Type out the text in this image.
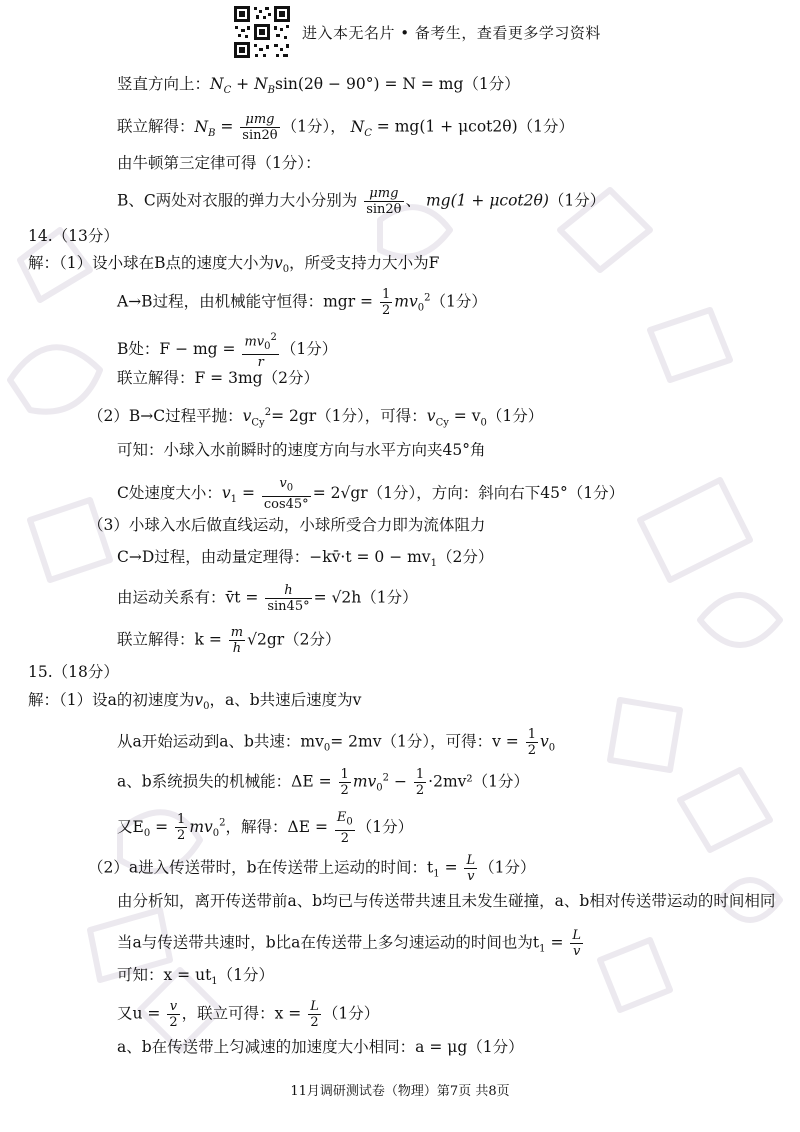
进入本无名片 • 备考生，查看更多学习资料
竖直方向上：$N_C + N_B\sin(2\theta - 90^\circ) = N = mg(1$分）
联立解得：$N_B = \frac{\text{μmg}}{\sin 2\theta} (1$分）， $N_C = mg(1 + \mu\cot 2\theta)(1$分）
由牛顿第三定律可得（1分）：
B、C两处对衣服的弹力大小分别为 $\frac{\text{μmg}}{\sin 2\theta}$ 、 mg(1 + μcot2θ)（1分）
14.（13分）
解：（1）设小球在B点的速度大小为$v_0$，所受支持力大小为F
A→B过程，由机械能守恒得：mgr = $\frac{1}{2} mv_0^2(1$分）
B处：F − mg = $\frac{mv_0^2}{r} (1$分）
联立解得：F = 3mg（2分）
（2）B→C过程平抛：$v_{Cy}^2= 2gr(1$分），可得：$v_{Cy} = v_0(1$分）
可知：小球入水前瞬时的速度方向与水平方向夹45°角
C处速度大小：$v_1 = \frac{v_0}{\cos 45^\circ} = 2√gr(1$分），方向：斜向右下45°（1分）
（3）小球入水后做直线运动，小球所受合力即为流体阻力
C→D过程，由动量定理得：−kv̄·t = $0 - mv_1(2$分）
由运动关系有：v̄t = $\frac{h}{\sin 45^\circ} = √2h(1$分）
联立解得：$k = \frac{m}{h} √2gr(2$分）
15.（18分）
解：（1）设a的初速度为$v_0$，a、b共速后速度为v
从a开始运动到a、b共速：$mv_0= 2mv(1$分），可得：$v = \frac{1}{2} v_0$
a、b系统损失的机械能：$\Delta E = \frac{1}{2} mv_0^2 - \frac{1}{2} \cdot 2mv^2(1$分）
又$E_0 = \frac{1}{2} mv_0^2$，解得：$\Delta E = \frac{E_0}{2} (1$分）
（2）a进入传送带时，b在传送带上运动的时间：$t_1 = \frac{L}{v} (1$分）
由分析知，离开传送带前a、b均已与传送带共速且未发生碰撞，a、b相对传送带运动的时间相同
当a与传送带共速时，b比a在传送带上多匀速运动的时间也为$t_1 = \frac{L}{v}$
可知：$x = ut_1(1$分）
又$u = \frac{v}{2}$ ，联立可得：$x = \frac{L}{2} (1$分）
a、b在传送带上匀减速的加速度大小相同：a = μg（1分）
11月调研测试卷（物理）第7页 共8页
